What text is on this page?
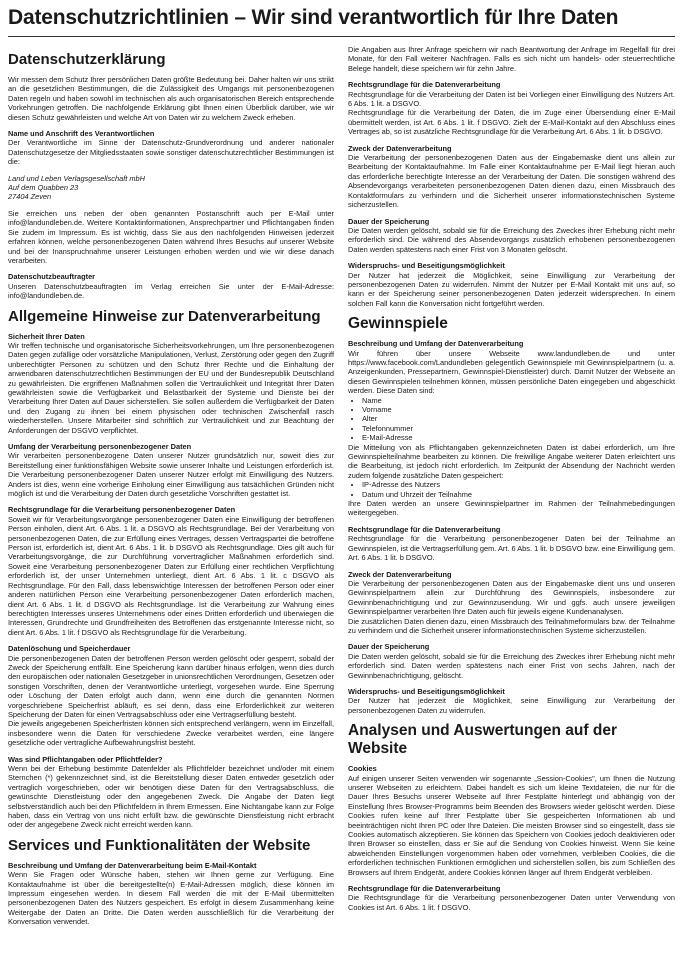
Datenschutzrichtlinien – Wir sind verantwortlich für Ihre Daten
Datenschutzerklärung

Wir messen dem Schutz Ihrer persönlichen Daten größte Bedeutung bei. Daher halten wir uns strikt an die gesetzlichen Bestimmungen, die die Zulässigkeit des Umgangs mit personenbezogenen Daten regeln und haben sowohl im technischen als auch organisatorischen Bereich entsprechende Vorkehrungen getroffen. Die nachfolgende Erklärung gibt Ihnen einen Überblick darüber, wie wir diesen Schutz gewährleisten und welche Art von Daten wir zu welchem Zweck erheben.

Name und Anschrift des Verantwortlichen

Der Verantwortliche im Sinne der Datenschutz-Grundverordnung und anderer nationaler Datenschutzgesetze der Mitgliedsstaaten sowie sonstiger datenschutzrechtlicher Bestimmungen ist die:

Land und Leben Verlagsgesellschaft mbH

Auf dem Quabben 23

27404 Zeven

Sie erreichen uns neben der oben genannten Postanschrift auch per E-Mail unter info@landundleben.de. Weitere Kontaktinformationen, Ansprechpartner und Pflichtangaben finden Sie zudem im Impressum. Es ist wichtig, dass Sie aus den nachfolgenden Hinweisen jederzeit erfahren können, welche personenbezogenen Daten während Ihres Besuchs auf unserer Website und bei der Inanspruchnahme unserer Leistungen erhoben werden und wie wir diese danach verarbeiten.

Datenschutzbeauftragter

Unseren Datenschutzbeauftragten im Verlag erreichen Sie unter der E-Mail-Adresse: info@landundleben.de.

Allgemeine Hinweise zur Datenverarbeitung
Sicherheit Ihrer Daten

Wir treffen technische und organisatorische Sicherheitsvorkehrungen, um Ihre personenbezogenen Daten gegen zufällige oder vorsätzliche Manipulationen, Verlust, Zerstörung oder gegen den Zugriff unberechtigter Personen zu schützen und den Schutz Ihrer Rechte und die Einhaltung der anwendbaren datenschutzrechtlichen Bestimmungen der EU und der Bundesrepublik Deutschland zu gewährleisten. Die ergriffenen Maßnahmen sollen die Vertraulichkeit und Integrität Ihrer Daten gewährleisten sowie die Verfügbarkeit und Belastbarkeit der Systeme und Dienste bei der Verarbeitung Ihrer Daten auf Dauer sicherstellen. Sie sollen außerdem die Verfügbarkeit der Daten und den Zugang zu ihnen bei einem physischen oder technischen Zwischenfall rasch wiederherstellen. Unsere Mitarbeiter sind schriftlich zur Vertraulichkeit und zur Beachtung der Anforderungen der DSGVO verpflichtet.

Umfang der Verarbeitung personenbezogener Daten

Wir verarbeiten personenbezogene Daten unserer Nutzer grundsätzlich nur, soweit dies zur Bereitstellung einer funktionsfähigen Website sowie unserer Inhalte und Leistungen erforderlich ist. Die Verarbeitung personenbezogener Daten unserer Nutzer erfolgt mit Einwilligung des Nutzers. Anders ist dies, wenn eine vorherige Einholung einer Einwilligung aus tatsächlichen Gründen nicht möglich ist und die Verarbeitung der Daten durch gesetzliche Vorschriften gestattet ist.

Rechtsgrundlage für die Verarbeitung personenbezogener Daten

Soweit wir für Verarbeitungsvorgänge personenbezogener Daten eine Einwilligung der betroffenen Person einholen, dient Art. 6 Abs. 1 lit. a DSGVO als Rechtsgrundlage. Bei der Verarbeitung von personenbezogenen Daten, die zur Erfüllung eines Vertrages, dessen Vertragspartei die betroffene Person ist, erforderlich ist, dient Art. 6 Abs. 1 lit. b DSGVO als Rechtsgrundlage. Dies gilt auch für Verarbeitungsvorgänge, die zur Durchführung vorvertraglicher Maßnahmen erforderlich sind. Soweit eine Verarbeitung personenbezogener Daten zur Erfüllung einer rechtlichen Verpflichtung erforderlich ist, der unser Unternehmen unterliegt, dient Art. 6 Abs. 1 lit. c DSGVO als Rechtsgrundlage. Für den Fall, dass lebenswichtige Interessen der betroffenen Person oder einer anderen natürlichen Person eine Verarbeitung personenbezogener Daten erforderlich machen, dient Art. 6 Abs. 1 lit. d DSGVO als Rechtsgrundlage. Ist die Verarbeitung zur Wahrung eines berechtigten Interesses unseres Unternehmens oder eines Dritten erforderlich und überwiegen die Interessen, Grundrechte und Grundfreiheiten des Betroffenen das erstgenannte Interesse nicht, so dient Art. 6 Abs. 1 lit. f DSGVO als Rechtsgrundlage für die Verarbeitung.

Datenlöschung und Speicherdauer

Die personenbezogenen Daten der betroffenen Person werden gelöscht oder gesperrt, sobald der Zweck der Speicherung entfällt. Eine Speicherung kann darüber hinaus erfolgen, wenn dies durch den europäischen oder nationalen Gesetzgeber in unionsrechtlichen Verordnungen, Gesetzen oder sonstigen Vorschriften, denen der Verantwortliche unterliegt, vorgesehen wurde. Eine Sperrung oder Löschung der Daten erfolgt auch dann, wenn eine durch die genannten Normen vorgeschriebene Speicherfrist abläuft, es sei denn, dass eine Erforderlichkeit zur weiteren Speicherung der Daten für einen Vertragsabschluss oder eine Vertragserfüllung besteht.

Die jeweils angegebenen Speicherfristen können sich entsprechend verlängern, wenn im Einzelfall, insbesondere wenn die Daten für verschiedene Zwecke verarbeitet werden, eine längere gesetzliche oder vertragliche Aufbewahrungsfrist besteht.

Was sind Pflichtangaben oder Pflichtfelder?

Wenn bei der Erhebung bestimmte Datenfelder als Pflichtfelder bezeichnet und/oder mit einem Sternchen (*) gekennzeichnet sind, ist die Bereitstellung dieser Daten entweder gesetzlich oder vertraglich vorgeschrieben, oder wir benötigen diese Daten für den Vertragsabschluss, die gewünschte Dienstleistung oder den angegebenen Zweck. Die Angabe der Daten liegt selbstverständlich auch bei den Pflichtfeldern in Ihrem Ermessen. Eine Nichtangabe kann zur Folge haben, dass ein Vertrag von uns nicht erfüllt bzw. die gewünschte Dienstleistung nicht erbracht oder der angegebene Zweck nicht erreicht werden kann.

Services und Funktionalitäten der Website
Beschreibung und Umfang der Datenverarbeitung beim E-Mail-Kontakt

Wenn Sie Fragen oder Wünsche haben, stehen wir Ihnen gerne zur Verfügung. Eine Kontaktaufnahme ist über die bereitgestellte(n) E-Mail-Adressen möglich, diese können im Impressum eingesehen werden. In diesem Fall werden die mit der E-Mail übermittelten personenbezogenen Daten des Nutzers gespeichert. Es erfolgt in diesem Zusammenhang keine Weitergabe der Daten an Dritte. Die Daten werden ausschließlich für die Verarbeitung der Konversation verwendet.

Die Angaben aus Ihrer Anfrage speichern wir nach Beantwortung der Anfrage im Regelfall für drei Monate, für den Fall weiterer Nachfragen. Falls es sich nicht um handels- oder steuerrechtliche Belege handelt, diese speichern wir für zehn Jahre.

Rechtsgrundlage für die Datenverarbeitung

Rechtsgrundlage für die Verarbeitung der Daten ist bei Vorliegen einer Einwilligung des Nutzers Art. 6 Abs. 1 lit. a DSGVO.

Rechtsgrundlage für die Verarbeitung der Daten, die im Zuge einer Übersendung einer E-Mail übermittelt werden, ist Art. 6 Abs. 1 lit. f DSGVO. Zielt der E-Mail-Kontakt auf den Abschluss eines Vertrages ab, so ist zusätzliche Rechtsgrundlage für die Verarbeitung Art. 6 Abs. 1 lit. b DSGVO.

Zweck der Datenverarbeitung

Die Verarbeitung der personenbezogenen Daten aus der Eingabemaske dient uns allein zur Bearbeitung der Kontaktaufnahme. Im Falle einer Kontaktaufnahme per E-Mail liegt hieran auch das erforderliche berechtigte Interesse an der Verarbeitung der Daten. Die sonstigen während des Absendevorgangs verarbeiteten personenbezogenen Daten dienen dazu, einen Missbrauch des Kontaktformulars zu verhindern und die Sicherheit unserer informationstechnischen Systeme sicherzustellen.

Dauer der Speicherung

Die Daten werden gelöscht, sobald sie für die Erreichung des Zweckes ihrer Erhebung nicht mehr erforderlich sind. Die während des Absendevorgangs zusätzlich erhobenen personenbezogenen Daten werden spätestens nach einer Frist von 3 Monaten gelöscht.

Widerspruchs- und Beseitigungsmöglichkeit

Der Nutzer hat jederzeit die Möglichkeit, seine Einwilligung zur Verarbeitung der personenbezogenen Daten zu widerrufen. Nimmt der Nutzer per E-Mail Kontakt mit uns auf, so kann er der Speicherung seiner personenbezogenen Daten jederzeit widersprechen. In einem solchen Fall kann die Konversation nicht fortgeführt werden.

Gewinnspiele
Beschreibung und Umfang der Datenverarbeitung

Wir führen über unsere Webseite www.landundleben.de und unter https://www.facebook.com/Landundleben gelegentlich Gewinnspiele mit Gewinnspielpartnern (u. a. Anzeigenkunden, Pressepartnern, Gewinnspiel-Dienstleister) durch. Damit Nutzer der Webseite an diesen Gewinnspielen teilnehmen können, müssen persönliche Daten eingegeben und abgeschickt werden. Diese Daten sind:

• Name
• Vorname
• Alter
• Telefonnummer
• E-Mail-Adresse

Die Mitteilung von als Pflichtangaben gekennzeichneten Daten ist dabei erforderlich, um Ihre Gewinnspielteilnahme bearbeiten zu können. Die freiwillige Angabe weiterer Daten erleichtert uns die Bearbeitung, ist jedoch nicht erforderlich. Im Zeitpunkt der Absendung der Nachricht werden zudem folgende zusätzliche Daten gespeichert:

• IP-Adresse des Nutzers
• Datum und Uhrzeit der Teilnahme

Ihre Daten werden an unsere Gewinnspielpartner im Rahmen der Teilnahmebedingungen weitergegeben.

Rechtsgrundlage für die Datenverarbeitung

Rechtsgrundlage für die Verarbeitung personenbezogener Daten bei der Teilnahme an Gewinnspielen, ist die Vertragserfüllung gem. Art. 6 Abs. 1 lit. b DSGVO bzw. eine Einwilligung gem. Art. 6 Abs. 1 lit. b DSGVO.

Zweck der Datenverarbeitung

Die Verarbeitung der personenbezogenen Daten aus der Eingabemaske dient uns und unseren Gewinnspielpartnern allein zur Durchführung des Gewinnspiels, insbesondere zur Gewinnbenachrichtigung und zur Gewinnzusendung. Wir und ggfs. auch unsere jeweiligen Gewinnspielpartner verarbeiten Ihre Daten auch für jeweils eigene Kundenanalysen.

Die zusätzlichen Daten dienen dazu, einen Missbrauch des Teilnahmeformulars bzw. der Teilnahme zu verhindern und die Sicherheit unserer informationstechnischen Systeme sicherzustellen.

Dauer der Speicherung

Die Daten werden gelöscht, sobald sie für die Erreichung des Zweckes ihrer Erhebung nicht mehr erforderlich sind. Daten werden spätestens nach einer Frist von sechs Jahren, nach der Gewinnbenachrichtigung, gelöscht.

Widerspruchs- und Beseitigungsmöglichkeit

Der Nutzer hat jederzeit die Möglichkeit, seine Einwilligung zur Verarbeitung der personenbezogenen Daten zu widerrufen.

Analysen und Auswertungen auf der Website
Cookies

Auf einigen unserer Seiten verwenden wir sogenannte „Session-Cookies", um Ihnen die Nutzung unserer Webseiten zu erleichtern. Dabei handelt es sich um kleine Textdateien, die nur für die Dauer Ihres Besuchs unserer Webseite auf Ihrer Festplatte hinterlegt und abhängig von der Einstellung Ihres Browser-Programms beim Beenden des Browsers wieder gelöscht werden. Diese Cookies rufen keine auf Ihrer Festplatte über Sie gespeicherten Informationen ab und beeinträchtigen nicht Ihren PC oder Ihre Dateien. Die meisten Browser sind so eingestellt, dass sie Cookies automatisch akzeptieren. Sie können das Speichern von Cookies jedoch deaktivieren oder Ihren Browser so einstellen, dass er Sie auf die Sendung von Cookies hinweist. Wenn Sie keine abweichenden Einstellungen vorgenommen haben oder vornehmen, verbleiben Cookies, die die erforderlichen technischen Funktionen ermöglichen und sicherstellen sollen, bis zum Schließen des Browsers auf Ihrem Endgerät, andere Cookies können länger auf Ihrem Endgerät verbleiben.

Rechtsgrundlage für die Datenverarbeitung

Die Rechtsgrundlage für die Verarbeitung personenbezogener Daten unter Verwendung von Cookies ist Art. 6 Abs. 1 lit. f DSGVO.
